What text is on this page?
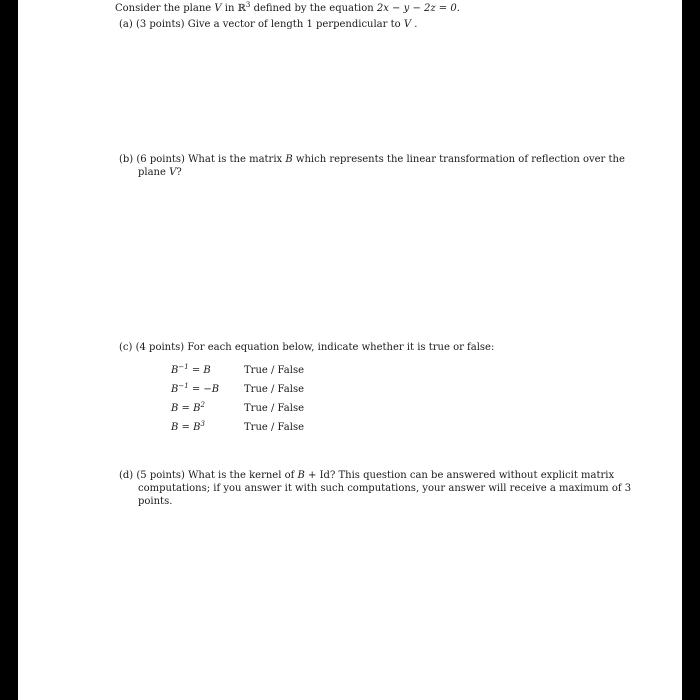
Consider the plane V in ℝ$^3$ defined by the equation 2x − y − 2z = 0.
(a) (3 points) Give a vector of length 1 perpendicular to V .
(b) (6 points) What is the matrix B which represents the linear transformation of reflection over the
plane V?
(c) (4 points) For each equation below, indicate whether it is true or false:
$B^{-1} = B$	True / False
$B^{-1} = -B$ True / False
$B = B^2$	True / False
$B = B^3$	True / False
(d) (5 points) What is the kernel of B + Id? This question can be answered without explicit matrix
computations; if you answer it with such computations, your answer will receive a maximum of 3
points.
